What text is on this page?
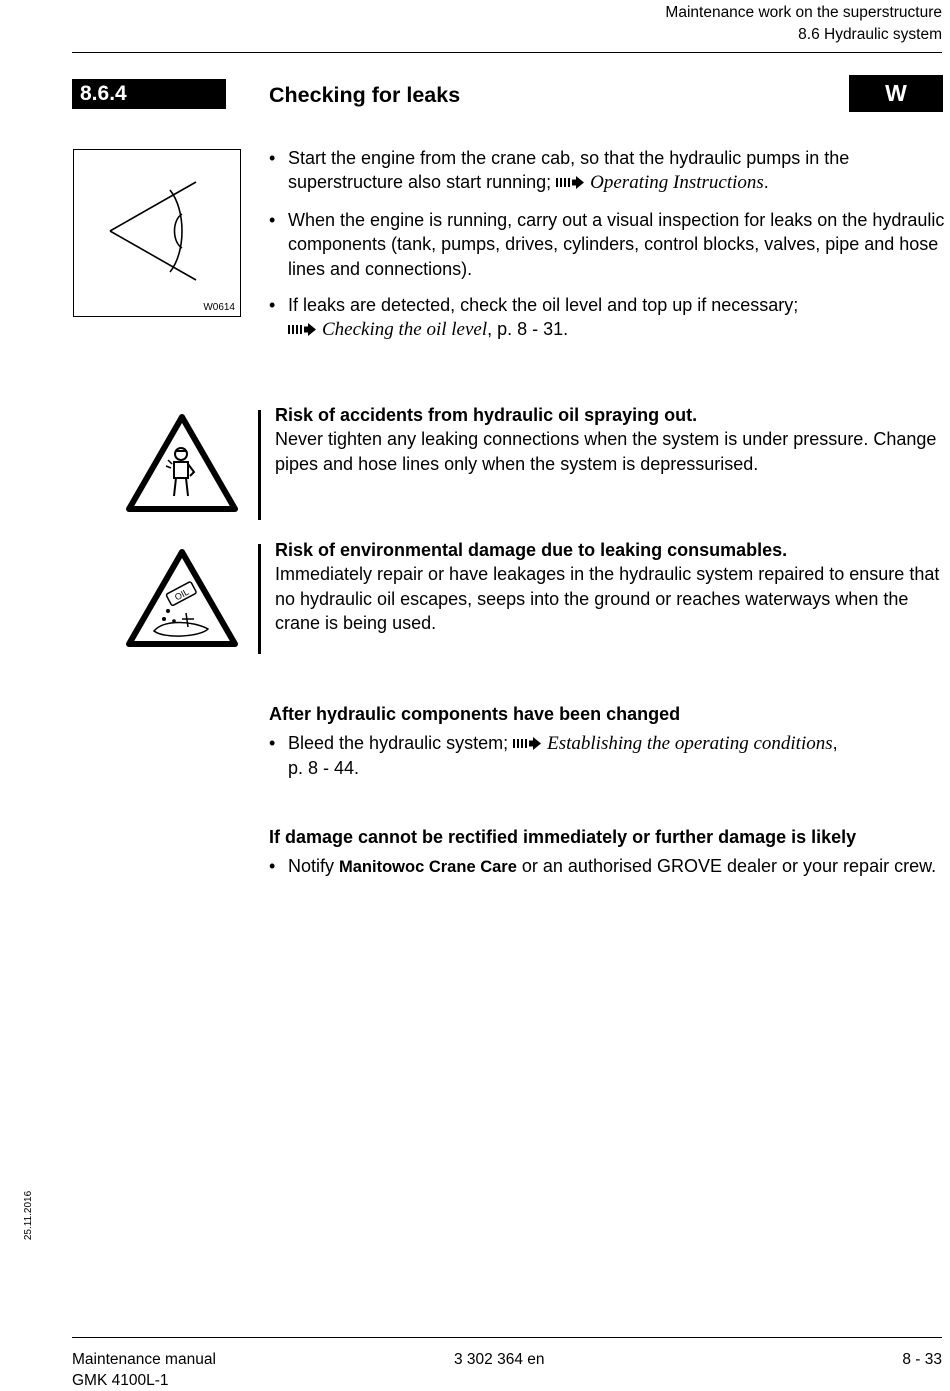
Maintenance work on the superstructure
8.6 Hydraulic system
8.6.4	Checking for leaks	W
W0614
• Start the engine from the crane cab, so that the hydraulic pumps in the superstructure also start running; Operating Instructions.
• When the engine is running, carry out a visual inspection for leaks on the hydraulic components (tank, pumps, drives, cylinders, control blocks, valves, pipe and hose lines and connections).
• If leaks are detected, check the oil level and top up if necessary;
Checking the oil level, p. 8 - 31.
Risk of accidents from hydraulic oil spraying out.
Never tighten any leaking connections when the system is under pressure. Change pipes and hose lines only when the system is depressurised.
OIL
Risk of environmental damage due to leaking consumables.
Immediately repair or have leakages in the hydraulic system repaired to ensure that no hydraulic oil escapes, seeps into the ground or reaches waterways when the crane is being used.
After hydraulic components have been changed
• Bleed the hydraulic system; Establishing the operating conditions,
p. 8 - 44.
If damage cannot be rectified immediately or further damage is likely
• Notify Manitowoc Crane Care or an authorised GROVE dealer or your repair crew.
25.11.2016
Maintenance manual
GMK 4100L-1
3 302 364 en	8 - 33
